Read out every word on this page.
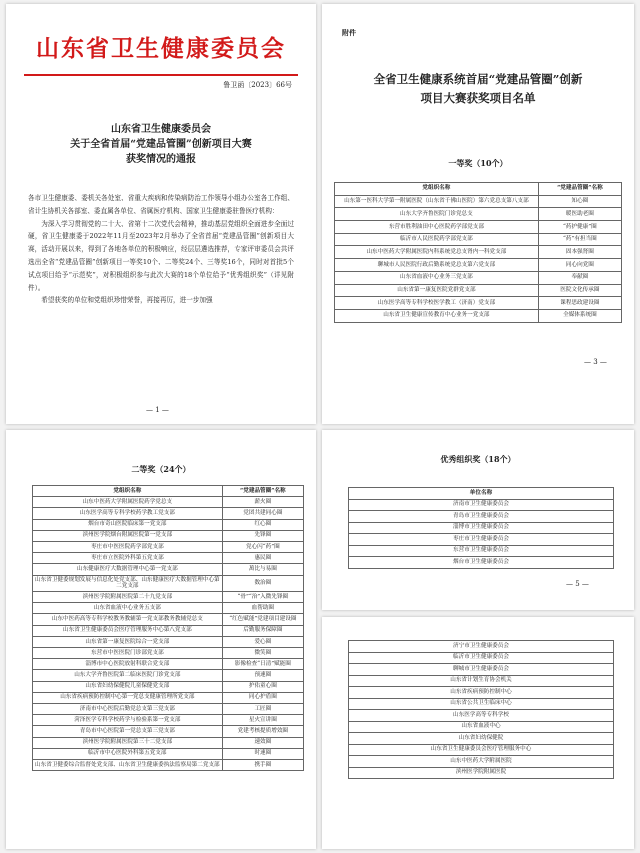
山东省卫生健康委员会
鲁卫函〔2023〕66号
山东省卫生健康委员会
关于全省首届“党建品管圈”创新项目大赛
获奖情况的通报

各市卫生健康委、委机关各处室、省重大疾病和传染病防治工作领导小组办公室各工作组、省计生协机关各部室、委直属各单位、省属医疗机构、国家卫生健康委驻鲁医疗机构：

为深入学习贯彻党的二十大、省第十二次党代会精神，推动基层党组织全面进步全面过硬，省卫生健康委于2022年11月至2023年2月举办了全省首届“党建品管圈”创新项目大赛，活动开展以来，得到了各地各单位的积极响应，经层层遴选推荐，专家评审委员会共评选出全省“党建品管圈”创新项目一等奖10个、二等奖24个、三等奖16个，同时对首批5个试点项目给予“示范奖”，对积极组织参与此次大赛的18个单位给予“优秀组织奖”（详见附件）。

希望获奖的单位和党组织珍惜荣誉，再接再厉，进一步加强

— 1 —
附件
全省卫生健康系统首届“党建品管圈”创新
项目大赛获奖项目名单
一等奖（10个）
党组织名称	“党建品管圈”名称
山东第一医科大学第一附属医院（山东省千佛山医院）第六党总支第八支部	知心圈
山东大学齐鲁医院门诊党总支	暖医助老圈
东营市胜利油田中心医院药学部党支部	“药护健康”圈
临沂市人民医院药学部党支部	“药”有担当圈
山东中医药大学附属医院内科系统党总支肾内一科党支部	固本强肾圈
聊城市人民医院行政后勤系统党总支第六党支部	同心向党圈
山东省血液中心业务三党支部	奉献圈
山东省第一康复医院党群党支部	医院文化传承圈
山东医学高等专科学校医学教工（济南）党支部	课程思政建设圈
山东省卫生健康宣传教育中心业务一党支部	全媒体系统圈
— 3 —
二等奖（24个）
党组织名称	“党建品管圈”名称
山东中医药大学附属医院药学党总支	薪火圈
山东医学高等专科学校药学教工党支部	党团共建同心圈
烟台市奇山医院临床第一党支部	红心圈
滨州医学院烟台附属医院第一党支部	先锋圈
枣庄市中医医院药学部党支部	党心闪“药”圈
枣庄市立医院外科第五党支部	惠民圈
山东健康医疗大数据管理中心第一党支部	萬比与易圈
山东省卫健委规划发展与信息化处党支部、山东健康医疗大数据管理中心第二党支部	数治圈
滨州医学院附属医院第二十九党支部	“骨”“治”入微先锋圈
山东省血液中心业务五支部	血帮助圈
山东中医药高等专科学校教务教辅第一党支部教务教辅党总支	“红色赋能”党建项目建设圈
山东省卫生健康委员会医疗管理服务中心第八党支部	后勤服务保障圈
山东省第一康复医院综合一党支部	爱心圈
东营市中医医院门诊部党支部	微笑圈
淄博市中心医院放射科联合党支部	影像检查“日清”赋能圈
山东大学齐鲁医院第二临床医院门诊党支部	预速圈
山东省妇幼保健院儿童保健党支部	护佑童心圈
山东省疾病预防控制中心第一党总支健康管理所党支部	同心护盾圈
济南市中心医院后勤党总支第三党支部	工匠圈
菏泽医学专科学校药学与检验系第一党支部	星火宣讲圈
青岛市中心医院第一党总支第三党支部	党建考核提质增效圈
滨州医学院附属医院第三十二党支部	速效圈
临沂市中心医院外科第五党支部	时速圈
山东省卫健委综合监督处党支部、山东省卫生健康委执法监察局第二党支部	携手圈
优秀组织奖（18个）
单位名称
济南市卫生健康委员会
青岛市卫生健康委员会
淄博市卫生健康委员会
枣庄市卫生健康委员会
东营市卫生健康委员会
烟台市卫生健康委员会
— 5 —
济宁市卫生健康委员会
临沂市卫生健康委员会
聊城市卫生健康委员会
山东省计划生育协会机关
山东省疾病预防控制中心
山东省公共卫生临床中心
山东医学高等专科学校
山东省血液中心
山东省妇幼保健院
山东省卫生健康委员会医疗管理服务中心
山东中医药大学附属医院
滨州医学院附属医院
